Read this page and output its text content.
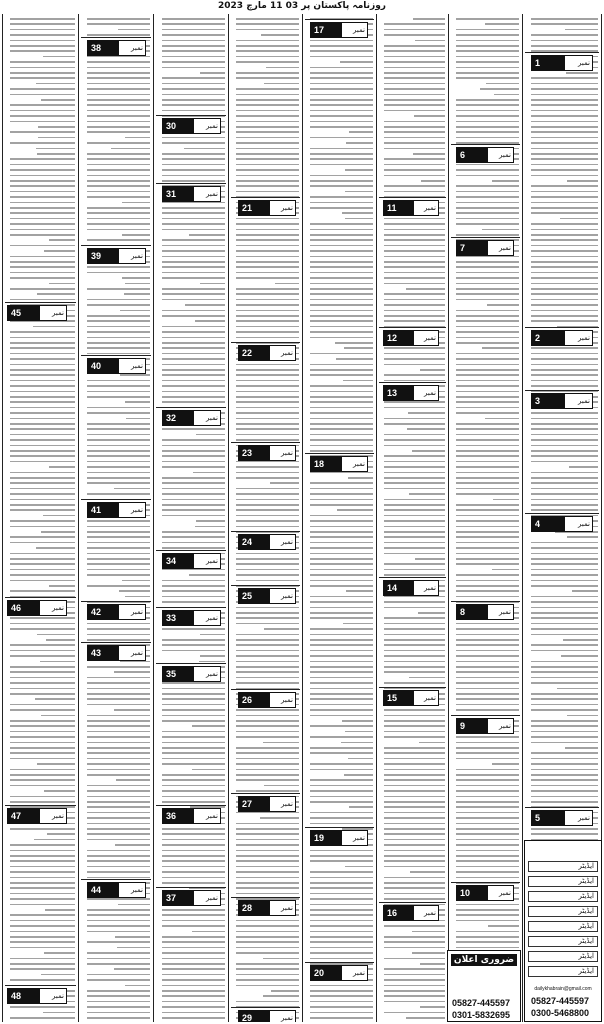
روزنامہ پاکستان پر 03 11 مارچ 2023
45	نمبر
46	نمبر
47	نمبر
48	نمبر
38	نمبر
39	نمبر
40	نمبر
41	نمبر
42	نمبر
43	نمبر
44	نمبر
30	نمبر
31	نمبر
32	نمبر
33	نمبر
34	نمبر
35	نمبر
36	نمبر
37	نمبر
21	نمبر
22	نمبر
23	نمبر
24	نمبر
25	نمبر
26	نمبر
27	نمبر
28	نمبر
29	نمبر
17	نمبر
18	نمبر
19	نمبر
20	نمبر
11	نمبر
12	نمبر
13	نمبر
14	نمبر
15	نمبر
16	نمبر
6	نمبر
7	نمبر
8	نمبر
9	نمبر
10	نمبر
1	نمبر
2	نمبر
3	نمبر
4	نمبر
5	نمبر
ضروری اعلان
05827-445597
0301-5832695
ایڈیٹر
ایڈیٹر
ایڈیٹر
ایڈیٹر
ایڈیٹر
ایڈیٹر
ایڈیٹر
ایڈیٹر
dailykhabrain@gmail.com
05827-445597
0300-5468800
